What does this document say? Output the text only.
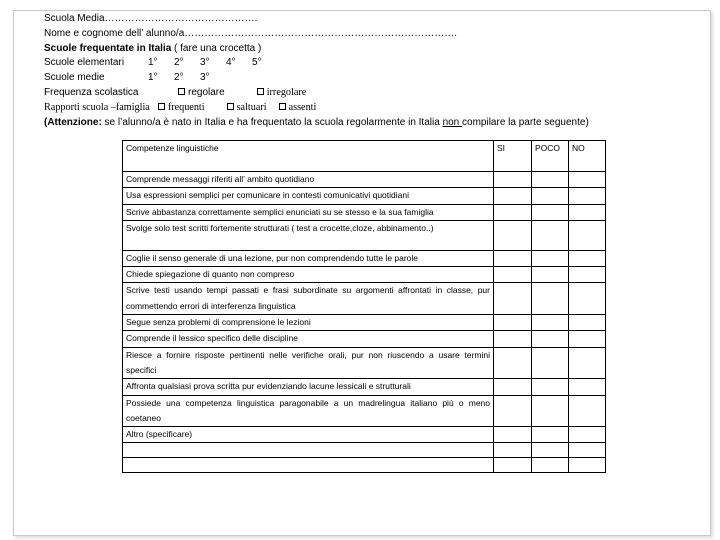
Scuola Media……………………………………….
Nome e cognome dell’ alunno/a……………………………………………………………………….
Scuole frequentate in Italia ( fare una crocetta )
Scuole elementari 1° 2° 3° 4° 5°
Scuole medie	1° 2° 3°
Frequenza scolastica	regolare	irregolare
Rapporti scuola –famiglia frequenti	saltuari assenti
(Attenzione: se l’alunno/a è nato in Italia e ha frequentato la scuola regolarmente in Italia non compilare la parte seguente)
Competenze linguistiche	SI	POCO	NO
Comprende messaggi riferiti all’ ambito quotidiano			
Usa espressioni semplici per comunicare in contesti comunicativi quotidiani			
Scrive abbastanza correttamente semplici enunciati su se stesso e la sua famiglia			
Svolge solo test scritti fortemente strutturati ( test a crocette,cloze, abbinamento..)			
Coglie il senso generale di una lezione, pur non comprendendo tutte le parole			
Chiede spiegazione di quanto non compreso			
Scrive testi usando tempi passati e frasi subordinate su argomenti affrontati in classe, pur commettendo errori di interferenza linguistica			
Segue senza problemi di comprensione le lezioni			
Comprende il lessico specifico delle discipline			
Riesce a fornire risposte pertinenti nelle verifiche orali, pur non riuscendo a usare termini specifici			
Affronta qualsiasi prova scritta pur evidenziando lacune lessicali e strutturali			
Possiede una competenza linguistica paragonabile a un madrelingua italiano più o meno coetaneo			
Altro (specificare)			
